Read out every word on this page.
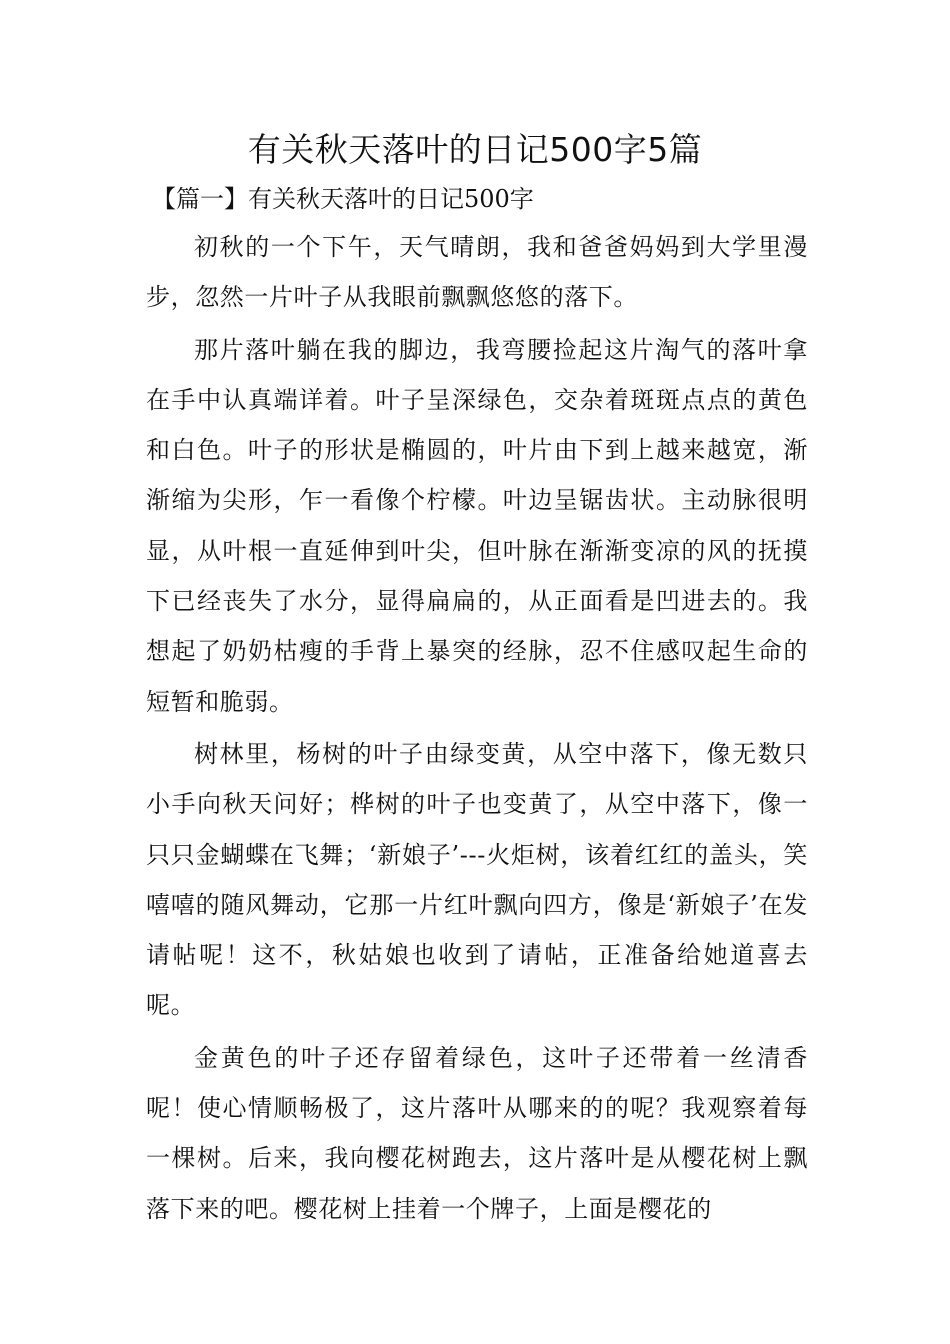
有关秋天落叶的日记500字5篇
【篇一】有关秋天落叶的日记500字

初秋的一个下午，天气晴朗，我和爸爸妈妈到大学里漫步，忽然一片叶子从我眼前飘飘悠悠的落下。

那片落叶躺在我的脚边，我弯腰捡起这片淘气的落叶拿在手中认真端详着。叶子呈深绿色，交杂着斑斑点点的黄色和白色。叶子的形状是椭圆的，叶片由下到上越来越宽，渐渐缩为尖形，乍一看像个柠檬。叶边呈锯齿状。主动脉很明显，从叶根一直延伸到叶尖，但叶脉在渐渐变凉的风的抚摸下已经丧失了水分，显得扁扁的，从正面看是凹进去的。我想起了奶奶枯瘦的手背上暴突的经脉，忍不住感叹起生命的短暂和脆弱。

树林里，杨树的叶子由绿变黄，从空中落下，像无数只小手向秋天问好；桦树的叶子也变黄了，从空中落下，像一只只金蝴蝶在飞舞；‘新娘子’---火炬树，该着红红的盖头，笑嘻嘻的随风舞动，它那一片红叶飘向四方，像是‘新娘子’在发请帖呢！这不，秋姑娘也收到了请帖，正准备给她道喜去呢。

金黄色的叶子还存留着绿色，这叶子还带着一丝清香呢！使心情顺畅极了，这片落叶从哪来的的呢？我观察着每一棵树。后来，我向樱花树跑去，这片落叶是从樱花树上飘落下来的吧。樱花树上挂着一个牌子，上面是樱花的
